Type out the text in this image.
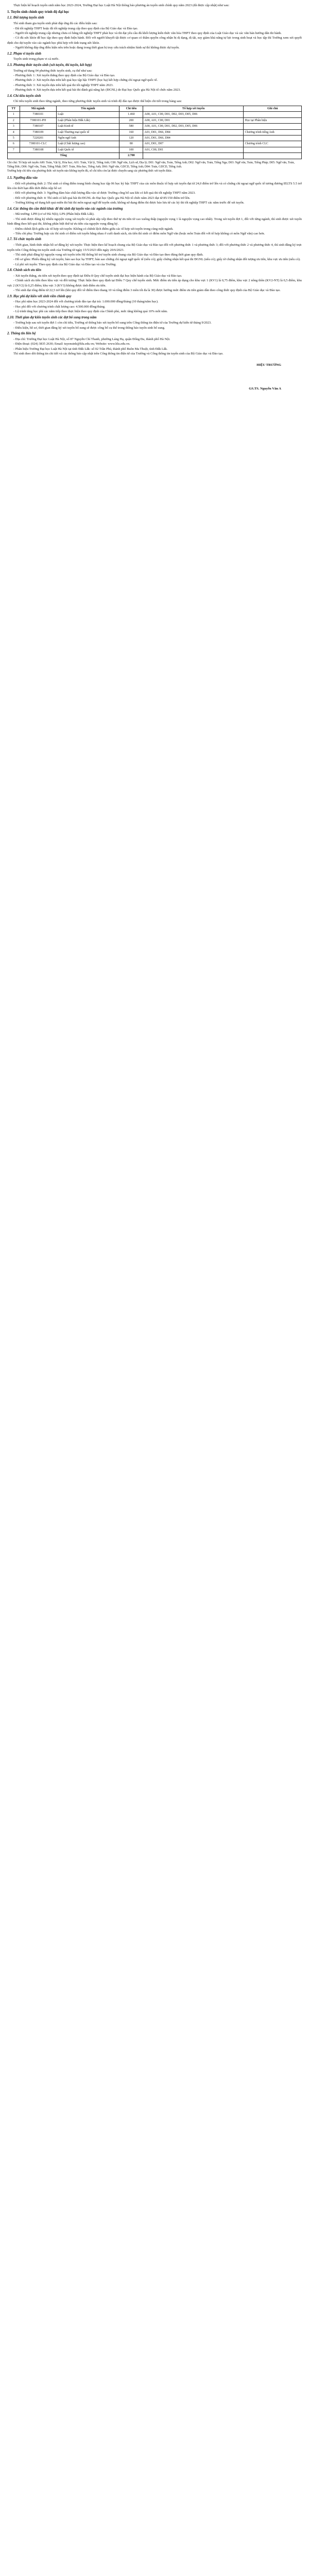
Thực hiện kế hoạch tuyển sinh năm học 2023-2024, Trường Đại học Luật Hà Nội thông báo phương án tuyển sinh chính quy năm 2023 (đã được cập nhật) như sau:

1. Tuyển sinh chính quy trình độ đại học
1.1. Đối tượng tuyển sinh

Thí sinh tham gia tuyển sinh phải đáp ứng đủ các điều kiện sau:

- Đã tốt nghiệp THPT hoặc đã tốt nghiệp trung cấp theo quy định của Bộ Giáo dục và Đào tạo.

- Người tốt nghiệp trung cấp nhưng chưa có bằng tốt nghiệp THPT phải học và thi đạt yêu cầu đủ khối lượng kiến thức văn hóa THPT theo quy định của Luật Giáo dục và các văn bản hướng dẫn thi hành.

- Có đủ sức khỏe để học tập theo quy định hiện hành. Đối với người khuyết tật được cơ quan có thẩm quyền công nhận bị dị dạng, dị tật, suy giảm khả năng tự lực trong sinh hoạt và học tập thì Trường xem xét quyết định cho dự tuyển vào các ngành học phù hợp với tình trạng sức khỏe.

- Người không đáp ứng điều kiện nêu trên hoặc đang trong thời gian bị truy cứu trách nhiệm hình sự thì không được dự tuyển.

1.2. Phạm vi tuyển sinh

Tuyển sinh trong phạm vi cả nước.

1.3. Phương thức tuyển sinh (xét tuyển, thi tuyển, kết hợp)

Trường sử dụng 04 phương thức tuyển sinh, cụ thể như sau:

- Phương thức 1: Xét tuyển thẳng theo quy định của Bộ Giáo dục và Đào tạo.

- Phương thức 2: Xét tuyển dựa trên kết quả học tập bậc THPT (học bạ) kết hợp chứng chỉ ngoại ngữ quốc tế.

- Phương thức 3: Xét tuyển dựa trên kết quả thi tốt nghiệp THPT năm 2023.

- Phương thức 4: Xét tuyển dựa trên kết quả bài thi đánh giá năng lực (ĐGNL) do Đại học Quốc gia Hà Nội tổ chức năm 2023.

1.4. Chỉ tiêu tuyển sinh

Chỉ tiêu tuyển sinh theo từng ngành, theo từng phương thức tuyển sinh và trình độ đào tạo được thể hiện chi tiết trong bảng sau:

TT	Mã ngành	Tên ngành	Chỉ tiêu	Tổ hợp xét tuyển	Ghi chú
1	7380101	Luật	1.460	A00, A01, C00, D01, D02, D03, D05, D06	
2	7380101-PH	Luật (Phân hiệu Đắk Lắk)	200	A00, A01, C00, D01	Học tại Phân hiệu
3	7380107	Luật Kinh tế	580	A00, A01, C00, D01, D02, D03, D05, D06	
4	7380109	Luật Thương mại quốc tế	160	A01, D01, D66, D84	Chương trình tiếng Anh
5	7220201	Ngôn ngữ Anh	120	A01, D01, D66, D84	
6	7380101-CLC	Luật (Chất lượng cao)	80	A01, D01, D07	Chương trình CLC
7	7380108	Luật Quốc tế	100	A01, C00, D01	
Tổng			2.700		

Ghi chú: Tổ hợp xét tuyển A00: Toán, Vật lý, Hóa học; A01: Toán, Vật lý, Tiếng Anh; C00: Ngữ văn, Lịch sử, Địa lý; D01: Ngữ văn, Toán, Tiếng Anh; D02: Ngữ văn, Toán, Tiếng Nga; D03: Ngữ văn, Toán, Tiếng Pháp; D05: Ngữ văn, Toán, Tiếng Đức; D06: Ngữ văn, Toán, Tiếng Nhật; D07: Toán, Hóa học, Tiếng Anh; D66: Ngữ văn, GDCD, Tiếng Anh; D84: Toán, GDCD, Tiếng Anh.

Trường hợp chỉ tiêu của phương thức xét tuyển nào không tuyển đủ, số chỉ tiêu còn lại được chuyển sang các phương thức xét tuyển khác.

1.5. Ngưỡng đầu vào

- Đối với phương thức 2: Thí sinh có tổng điểm trung bình chung học tập 06 học kỳ bậc THPT của các môn thuộc tổ hợp xét tuyển đạt từ 24,0 điểm trở lên và có chứng chỉ ngoại ngữ quốc tế tương đương IELTS 5.5 trở lên còn thời hạn đến thời điểm nộp hồ sơ.

- Đối với phương thức 3: Ngưỡng đảm bảo chất lượng đầu vào sẽ được Trường công bố sau khi có kết quả thi tốt nghiệp THPT năm 2023.

- Đối với phương thức 4: Thí sinh có kết quả bài thi ĐGNL do Đại học Quốc gia Hà Nội tổ chức năm 2023 đạt từ 85/150 điểm trở lên.

- Trường không sử dụng kết quả miễn thi bài thi môn ngoại ngữ để tuyển sinh; không sử dụng điểm thi được bảo lưu từ các kỳ thi tốt nghiệp THPT các năm trước để xét tuyển.

1.6. Các thông tin cần thiết khác để thí sinh dự tuyển vào các ngành của trường

- Mã trường: LPH (cơ sở Hà Nội); LPS (Phân hiệu Đắk Lắk).

- Thí sinh được đăng ký nhiều nguyện vọng xét tuyển và phải sắp xếp theo thứ tự ưu tiên từ cao xuống thấp (nguyện vọng 1 là nguyện vọng cao nhất). Trong xét tuyển đợt 1, đối với từng ngành, thí sinh được xét tuyển bình đẳng theo kết quả thi, không phân biệt thứ tự ưu tiên của nguyện vọng đăng ký.

- Điểm chênh lệch giữa các tổ hợp xét tuyển: Không có chênh lệch điểm giữa các tổ hợp xét tuyển trong cùng một ngành.

- Tiêu chí phụ: Trường hợp các thí sinh có điểm xét tuyển bằng nhau ở cuối danh sách, ưu tiên thí sinh có điểm môn Ngữ văn (hoặc môn Toán đối với tổ hợp không có môn Ngữ văn) cao hơn.

1.7. Tổ chức tuyển sinh

- Thời gian, hình thức nhận hồ sơ đăng ký xét tuyển: Thực hiện theo kế hoạch chung của Bộ Giáo dục và Đào tạo đối với phương thức 1 và phương thức 3; đối với phương thức 2 và phương thức 4, thí sinh đăng ký trực tuyến trên Cổng thông tin tuyển sinh của Trường từ ngày 15/5/2023 đến ngày 20/6/2023.

- Thí sinh phải đăng ký nguyện vọng xét tuyển trên Hệ thống hỗ trợ tuyển sinh chung của Bộ Giáo dục và Đào tạo theo đúng thời gian quy định.

- Hồ sơ gồm: Phiếu đăng ký xét tuyển; bản sao học bạ THPT; bản sao chứng chỉ ngoại ngữ quốc tế (nếu có); giấy chứng nhận kết quả thi ĐGNL (nếu có); giấy tờ chứng nhận đối tượng ưu tiên, khu vực ưu tiên (nếu có).

- Lệ phí xét tuyển: Theo quy định của Bộ Giáo dục và Đào tạo và của Trường.

1.8. Chính sách ưu tiên

- Xét tuyển thẳng, ưu tiên xét tuyển theo quy định tại Điều 8 Quy chế tuyển sinh đại học hiện hành của Bộ Giáo dục và Đào tạo.

- Chính sách ưu tiên theo khu vực và đối tượng: Thực hiện theo quy định tại Điều 7 Quy chế tuyển sinh. Mức điểm ưu tiên áp dụng cho khu vực 1 (KV1) là 0,75 điểm, khu vực 2 nông thôn (KV2-NT) là 0,5 điểm, khu vực 2 (KV2) là 0,25 điểm; khu vực 3 (KV3) không được tính điểm ưu tiên.

- Thí sinh đạt tổng điểm từ 22,5 trở lên (khi quy đổi về điểm theo thang 10 và tổng điểm 3 môn tối đa là 30) được hưởng mức điểm ưu tiên giảm dần theo công thức quy định của Bộ Giáo dục và Đào tạo.

1.9. Học phí dự kiến với sinh viên chính quy

- Học phí năm học 2023-2024 đối với chương trình đào tạo đại trà: 1.690.000 đồng/tháng (10 tháng/năm học).

- Học phí đối với chương trình chất lượng cao: 4.500.000 đồng/tháng.

- Lộ trình tăng học phí các năm tiếp theo thực hiện theo quy định của Chính phủ, mức tăng không quá 10% mỗi năm.

1.10. Thời gian dự kiến tuyển sinh các đợt bổ sung trong năm

- Trường hợp sau xét tuyển đợt 1 còn chỉ tiêu, Trường sẽ thông báo xét tuyển bổ sung trên Cổng thông tin điện tử của Trường dự kiến từ tháng 9/2023.

- Điều kiện, hồ sơ, thời gian đăng ký xét tuyển bổ sung sẽ được công bố cụ thể trong thông báo tuyển sinh bổ sung.

2. Thông tin liên hệ

- Địa chỉ: Trường Đại học Luật Hà Nội, số 87 Nguyễn Chí Thanh, phường Láng Hạ, quận Đống Đa, thành phố Hà Nội.

- Điện thoại: (024) 3835 2630; Email: tuyensinh@hlu.edu.vn; Website: www.hlu.edu.vn.

- Phân hiệu Trường Đại học Luật Hà Nội tại tỉnh Đắk Lắk: số 02 Trần Phú, thành phố Buôn Ma Thuột, tỉnh Đắk Lắk.

Thí sinh theo dõi thông tin chi tiết và các thông báo cập nhật trên Cổng thông tin điện tử của Trường và Cổng thông tin tuyển sinh của Bộ Giáo dục và Đào tạo.

HIỆU TRƯỞNG
GS.TS. Nguyễn Văn A
